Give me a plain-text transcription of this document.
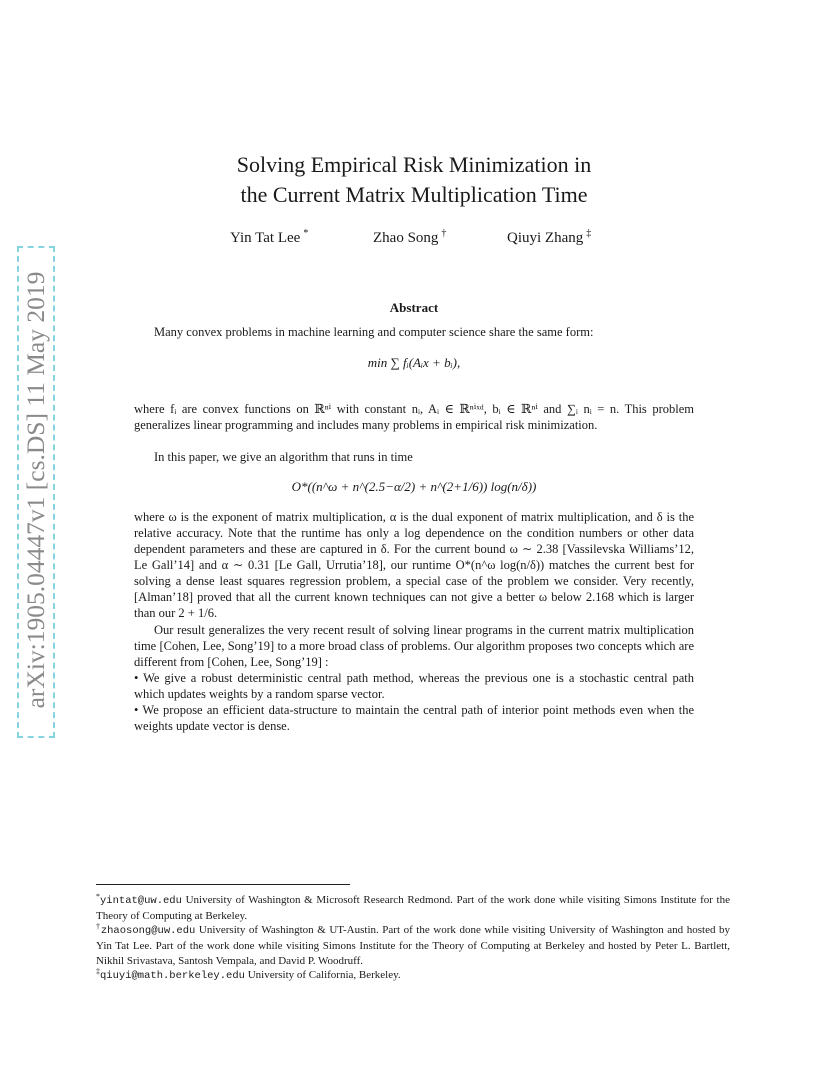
arXiv:1905.04447v1 [cs.DS] 11 May 2019
Solving Empirical Risk Minimization in
the Current Matrix Multiplication Time
Yin Tat Lee *	Zhao Song †	Qiuyi Zhang ‡
Abstract

Many convex problems in machine learning and computer science share the same form:

min ∑ fᵢ(Aᵢx + bᵢ),

where fᵢ are convex functions on ℝⁿⁱ with constant nᵢ, Aᵢ ∈ ℝⁿⁱˣᵈ, bᵢ ∈ ℝⁿⁱ and ∑ᵢ nᵢ = n. This problem generalizes linear programming and includes many problems in empirical risk minimization.

In this paper, we give an algorithm that runs in time

O*((n^ω + n^(2.5−α/2) + n^(2+1/6)) log(n/δ))

where ω is the exponent of matrix multiplication, α is the dual exponent of matrix multiplication, and δ is the relative accuracy. Note that the runtime has only a log dependence on the condition numbers or other data dependent parameters and these are captured in δ. For the current bound ω ∼ 2.38 [Vassilevska Williams’12, Le Gall’14] and α ∼ 0.31 [Le Gall, Urrutia’18], our runtime O*(n^ω log(n/δ)) matches the current best for solving a dense least squares regression problem, a special case of the problem we consider. Very recently, [Alman’18] proved that all the current known techniques can not give a better ω below 2.168 which is larger than our 2 + 1/6.

Our result generalizes the very recent result of solving linear programs in the current matrix multiplication time [Cohen, Lee, Song’19] to a more broad class of problems. Our algorithm proposes two concepts which are different from [Cohen, Lee, Song’19] :

• We give a robust deterministic central path method, whereas the previous one is a stochastic central path which updates weights by a random sparse vector.

• We propose an efficient data-structure to maintain the central path of interior point methods even when the weights update vector is dense.

*yintat@uw.edu University of Washington & Microsoft Research Redmond. Part of the work done while visiting Simons Institute for the Theory of Computing at Berkeley.

†zhaosong@uw.edu University of Washington & UT-Austin. Part of the work done while visiting University of Washington and hosted by Yin Tat Lee. Part of the work done while visiting Simons Institute for the Theory of Computing at Berkeley and hosted by Peter L. Bartlett, Nikhil Srivastava, Santosh Vempala, and David P. Woodruff.

‡qiuyi@math.berkeley.edu University of California, Berkeley.
